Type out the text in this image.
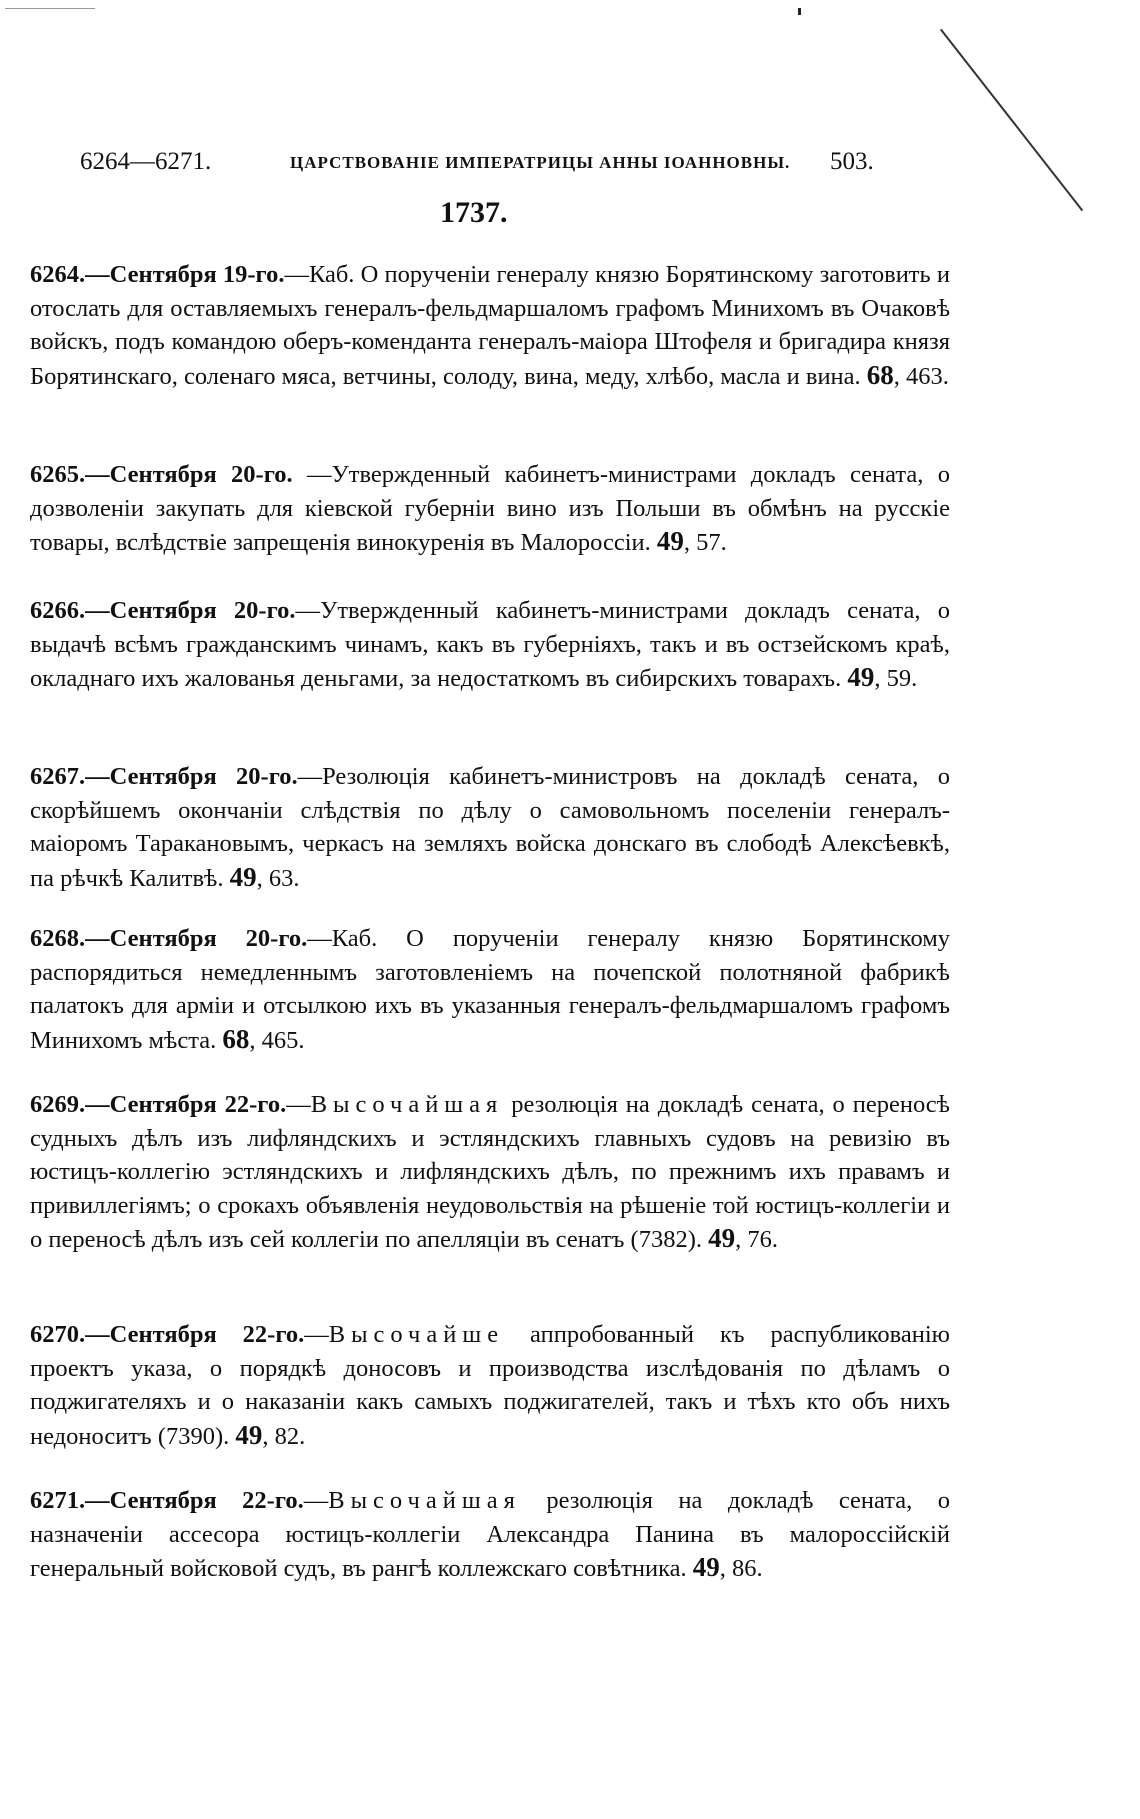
6264—6271.	ЦАРСТВОВАНІЕ ИМПЕРАТРИЦЫ АННЫ ІОАННОВНЫ. 503.
1737.
6264.—Сентября 19-го.—Каб. О порученіи генералу князю Борятинскому заготовить и отослать для оставляемыхъ генералъ-фельдмаршаломъ графомъ Минихомъ въ Очаковѣ войскъ, подъ командою оберъ-коменданта генералъ-маіора Штофеля и бригадира князя Борятинскаго, соленаго мяса, ветчины, солоду, вина, меду, хлѣбо, масла и вина. 68, 463.
6265.—Сентября 20-го. —Утвержденный кабинетъ-министрами докладъ сената, о дозволеніи закупать для кіевской губерніи вино изъ Польши въ обмѣнъ на русскіе товары, вслѣдствіе запрещенія винокуренія въ Малороссіи. 49, 57.
6266.—Сентября 20-го.—Утвержденный кабинетъ-министрами докладъ сената, о выдачѣ всѣмъ гражданскимъ чинамъ, какъ въ губерніяхъ, такъ и въ остзейскомъ краѣ, окладнаго ихъ жалованья деньгами, за недостаткомъ въ сибирскихъ товарахъ. 49, 59.
6267.—Сентября 20-го.—Резолюція кабинетъ-министровъ на докладѣ сената, о скорѣйшемъ окончаніи слѣдствія по дѣлу о самовольномъ поселеніи генералъ-маіоромъ Таракановымъ, черкасъ на земляхъ войска донскаго въ слободѣ Алексѣевкѣ, па рѣчкѣ Калитвѣ. 49, 63.
6268.—Сентября 20-го.—Каб. О порученіи генералу князю Борятинскому распорядиться немедленнымъ заготовленіемъ на почепской полотняной фабрикѣ палатокъ для арміи и отсылкою ихъ въ указанныя генералъ-фельдмаршаломъ графомъ Минихомъ мѣста. 68, 465.
6269.—Сентября 22-го.—Высочайшая резолюція на докладѣ сената, о переносѣ судныхъ дѣлъ изъ лифляндскихъ и эстляндскихъ главныхъ судовъ на ревизію въ юстицъ-коллегію эстляндскихъ и лифляндскихъ дѣлъ, по прежнимъ ихъ правамъ и привиллегіямъ; о срокахъ объявленія неудовольствія на рѣшеніе той юстицъ-коллегіи и о переносѣ дѣлъ изъ сей коллегіи по апелляціи въ сенатъ (7382). 49, 76.
6270.—Сентября 22-го.—Высочайше аппробованный къ распубликованію проектъ указа, о порядкѣ доносовъ и производства изслѣдованія по дѣламъ о поджигателяхъ и о наказаніи какъ самыхъ поджигателей, такъ и тѣхъ кто объ нихъ недоноситъ (7390). 49, 82.
6271.—Сентября 22-го.—Высочайшая резолюція на докладѣ сената, о назначеніи ассесора юстицъ-коллегіи Александра Панина въ малороссійскій генеральный войсковой судъ, въ рангѣ коллежскаго совѣтника. 49, 86.
